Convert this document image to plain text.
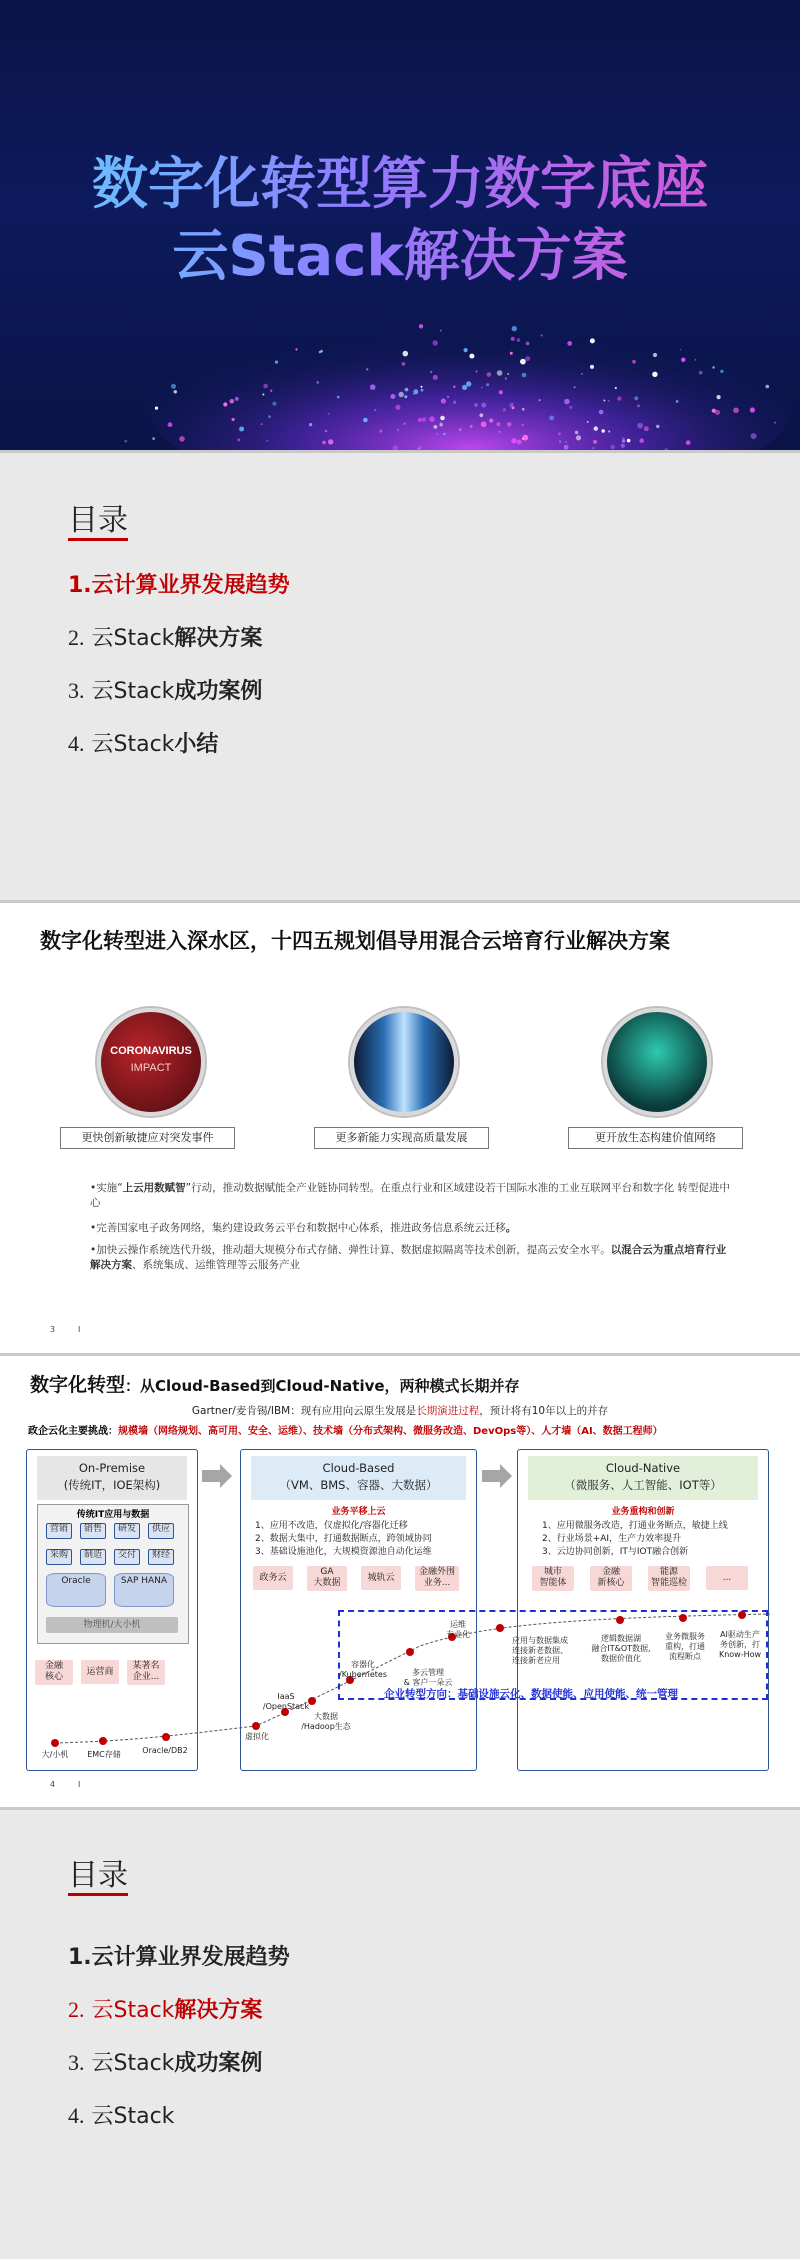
数字化转型算力数字底座
云Stack解决方案
目录
1.云计算业界发展趋势
2. 云Stack解决方案
3. 云Stack成功案例
4. 云Stack小结
数字化转型进入深水区，十四五规划倡导用混合云培育行业解决方案
CORONAVIRUS
IMPACT
更快创新敏捷应对突发事件	更多新能力实现高质量发展	更开放生态构建价值网络
•实施“上云用数赋智”行动，推动数据赋能全产业链协同转型。在重点行业和区域建设若干国际水准的工业互联网平台和数字化 转型促进中心
•完善国家电子政务网络，集约建设政务云平台和数据中心体系，推进政务信息系统云迁移。
•加快云操作系统迭代升级，推动超大规模分布式存储、弹性计算、数据虚拟隔离等技术创新，提高云安全水平。以混合云为重点培育行业解决方案、系统集成、运维管理等云服务产业
3	I
数字化转型：从Cloud-Based到Cloud-Native，两种模式长期并存
Gartner/麦肯锡/IBM：现有应用向云原生发展是长期演进过程，预计将有10年以上的并存
政企云化主要挑战：规模墙（网络规划、高可用、安全、运维）、技术墙（分布式架构、微服务改造、DevOps等）、人才墙（AI、数据工程师）
On-Premise
(传统IT，IOE架构)
传统IT应用与数据
营销	销售	研发	供应
采购	制造	交付	财经
Oracle	SAP HANA
物理机/大小机
金融
核心	运营商
某著名
企业...
Cloud-Based
（VM、BMS、容器、大数据）
业务平移上云
1、应用不改造，仅虚拟化/容器化迁移
2、数据大集中，打通数据断点，跨领域协同
3、基础设施池化，大规模资源池自动化运维
政务云
GA
大数据	城轨云
金融外围
业务...
Cloud-Native
（微服务、人工智能、IOT等）
业务重构和创新
1、应用微服务改造，打通业务断点，敏捷上线
2、行业场景+AI，生产力效率提升
3、云边协同创新，IT与IOT融合创新
城市
智能体
金融
新核心
能源
智能巡检	...
企业转型方向：基础设施云化、数据使能、应用使能、统一管理
大/小机	EMC存储	Oracle/DB2
虚拟化
IaaS
/OpenStack
大数据
/Hadoop生态
容器化
/Kubernetes	多云管理
& 客户一朵云
运维
专业化
应用与数据集成
连接新老数据、
连接新老应用
逻辑数据湖
融合IT&OT数据,
数据价值化
业务微服务
重构，打通
流程断点
AI驱动生产
务创新，打
Know-How
4	I
目录
1.云计算业界发展趋势
2. 云Stack解决方案
3. 云Stack成功案例
4. 云Stack
